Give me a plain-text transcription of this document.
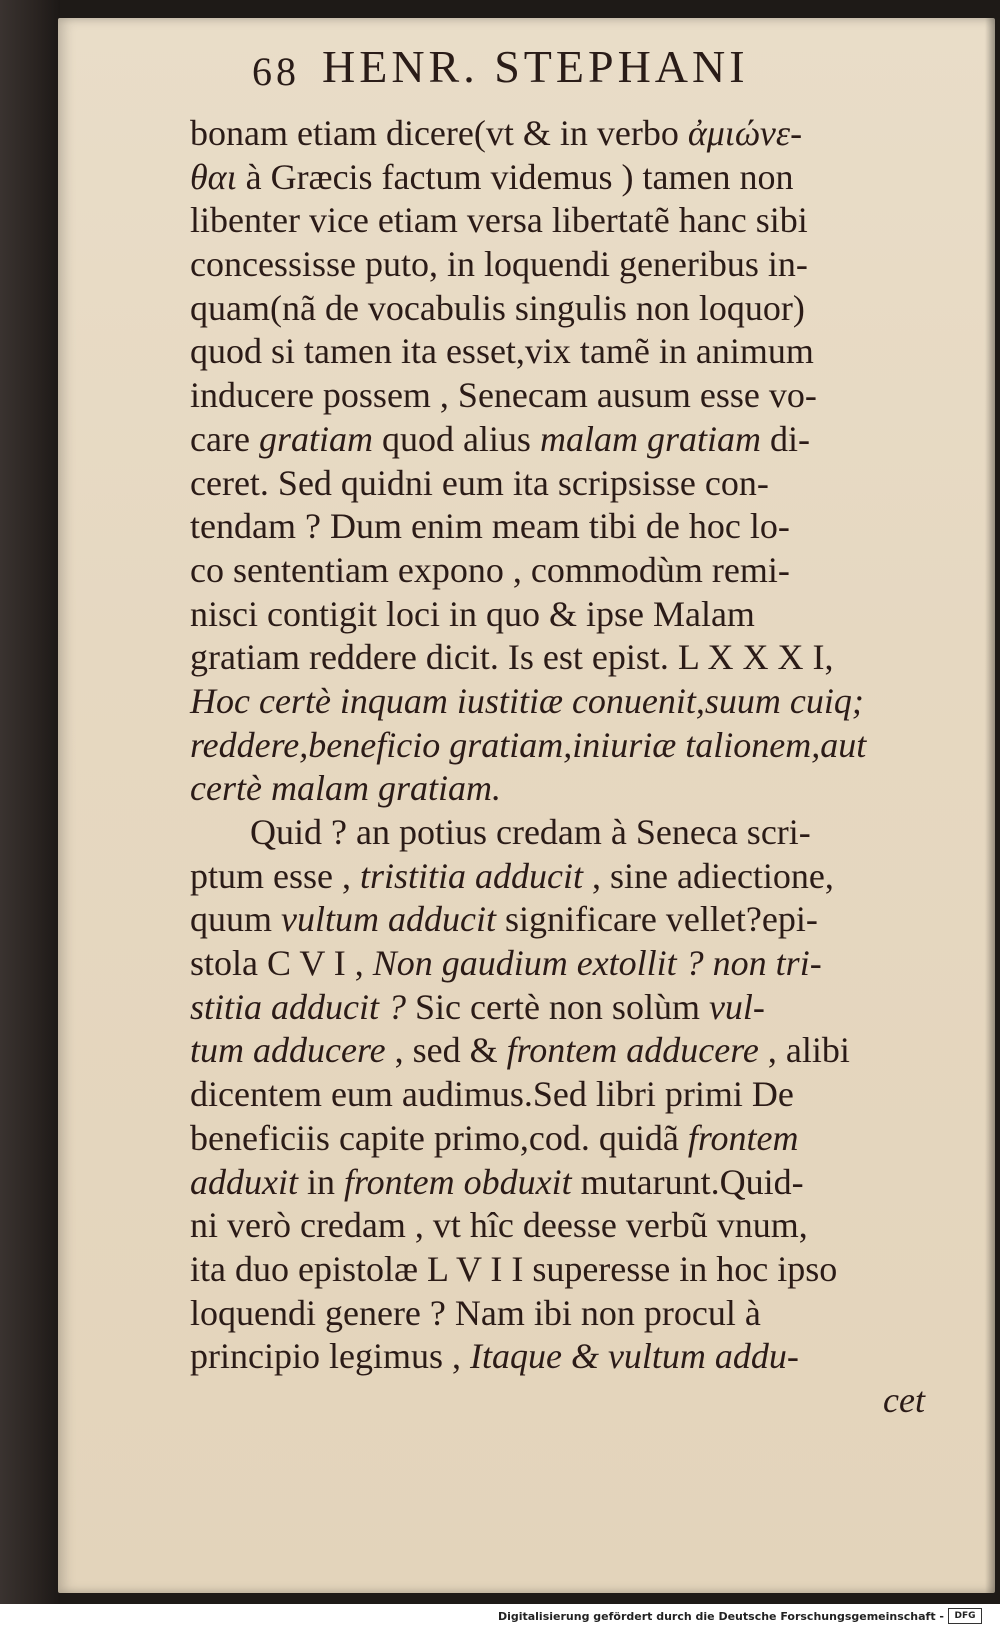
68 HENR. STEPHANI
bonam etiam dicere(vt & in verbo ἀμιώνε-
θαι à Græcis factum videmus ) tamen non
libenter vice etiam versa libertatẽ hanc sibi
concessisse puto, in loquendi generibus in-
quam(nã de vocabulis singulis non loquor)
quod si tamen ita esset,vix tamẽ in animum
inducere possem , Senecam ausum esse vo-
care gratiam quod alius malam gratiam di-
ceret. Sed quidni eum ita scripsisse con-
tendam ? Dum enim meam tibi de hoc lo-
co sententiam expono , commodùm remi-
nisci contigit loci in quo & ipse Malam
gratiam reddere dicit. Is est epist. L X X X I,
Hoc certè inquam iustitiæ conuenit,suum cuiq;
reddere,beneficio gratiam,iniuriæ talionem,aut
certè malam gratiam.
Quid ? an potius credam à Seneca scri-
ptum esse , tristitia adducit , sine adiectione,
quum vultum adducit significare vellet?epi-
stola C V I , Non gaudium extollit ? non tri-
stitia adducit ? Sic certè non solùm vul-
tum adducere , sed & frontem adducere , alibi
dicentem eum audimus.Sed libri primi De
beneficiis capite primo,cod. quidã frontem
adduxit in frontem obduxit mutarunt.Quid-
ni verò credam , vt hîc deesse verbũ vnum,
ita duo epistolæ L V I I superesse in hoc ipso
loquendi genere ? Nam ibi non procul à
principio legimus , Itaque & vultum addu-
cet
Digitalisierung gefördert durch die Deutsche Forschungsgemeinschaft -	DFG
